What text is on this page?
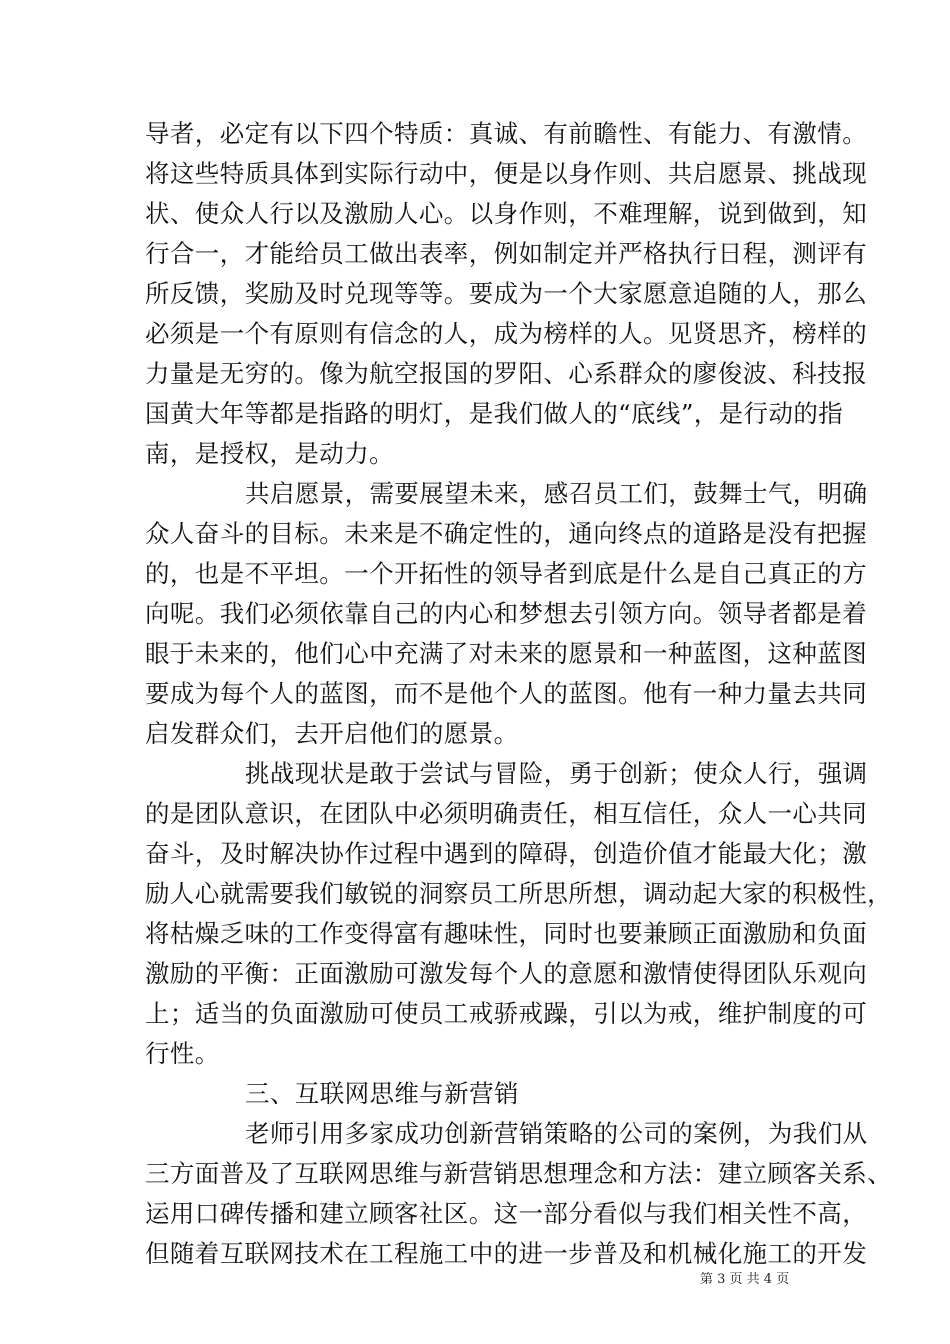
导者，必定有以下四个特质：真诚、有前瞻性、有能力、有激情。
将这些特质具体到实际行动中，便是以身作则、共启愿景、挑战现
状、使众人行以及激励人心。以身作则，不难理解，说到做到，知
行合一，才能给员工做出表率，例如制定并严格执行日程，测评有
所反馈，奖励及时兑现等等。要成为一个大家愿意追随的人，那么
必须是一个有原则有信念的人，成为榜样的人。见贤思齐，榜样的
力量是无穷的。像为航空报国的罗阳、心系群众的廖俊波、科技报
国黄大年等都是指路的明灯，是我们做人的“底线”，是行动的指
南，是授权，是动力。
共启愿景，需要展望未来，感召员工们，鼓舞士气，明确
众人奋斗的目标。未来是不确定性的，通向终点的道路是没有把握
的，也是不平坦。一个开拓性的领导者到底是什么是自己真正的方
向呢。我们必须依靠自己的内心和梦想去引领方向。领导者都是着
眼于未来的，他们心中充满了对未来的愿景和一种蓝图，这种蓝图
要成为每个人的蓝图，而不是他个人的蓝图。他有一种力量去共同
启发群众们，去开启他们的愿景。
挑战现状是敢于尝试与冒险，勇于创新；使众人行，强调
的是团队意识，在团队中必须明确责任，相互信任，众人一心共同
奋斗，及时解决协作过程中遇到的障碍，创造价值才能最大化；激
励人心就需要我们敏锐的洞察员工所思所想，调动起大家的积极性，
将枯燥乏味的工作变得富有趣味性，同时也要兼顾正面激励和负面
激励的平衡：正面激励可激发每个人的意愿和激情使得团队乐观向
上；适当的负面激励可使员工戒骄戒躁，引以为戒，维护制度的可
行性。
三、互联网思维与新营销
老师引用多家成功创新营销策略的公司的案例，为我们从
三方面普及了互联网思维与新营销思想理念和方法：建立顾客关系、
运用口碑传播和建立顾客社区。这一部分看似与我们相关性不高，
但随着互联网技术在工程施工中的进一步普及和机械化施工的开发
第 3 页 共 4 页
